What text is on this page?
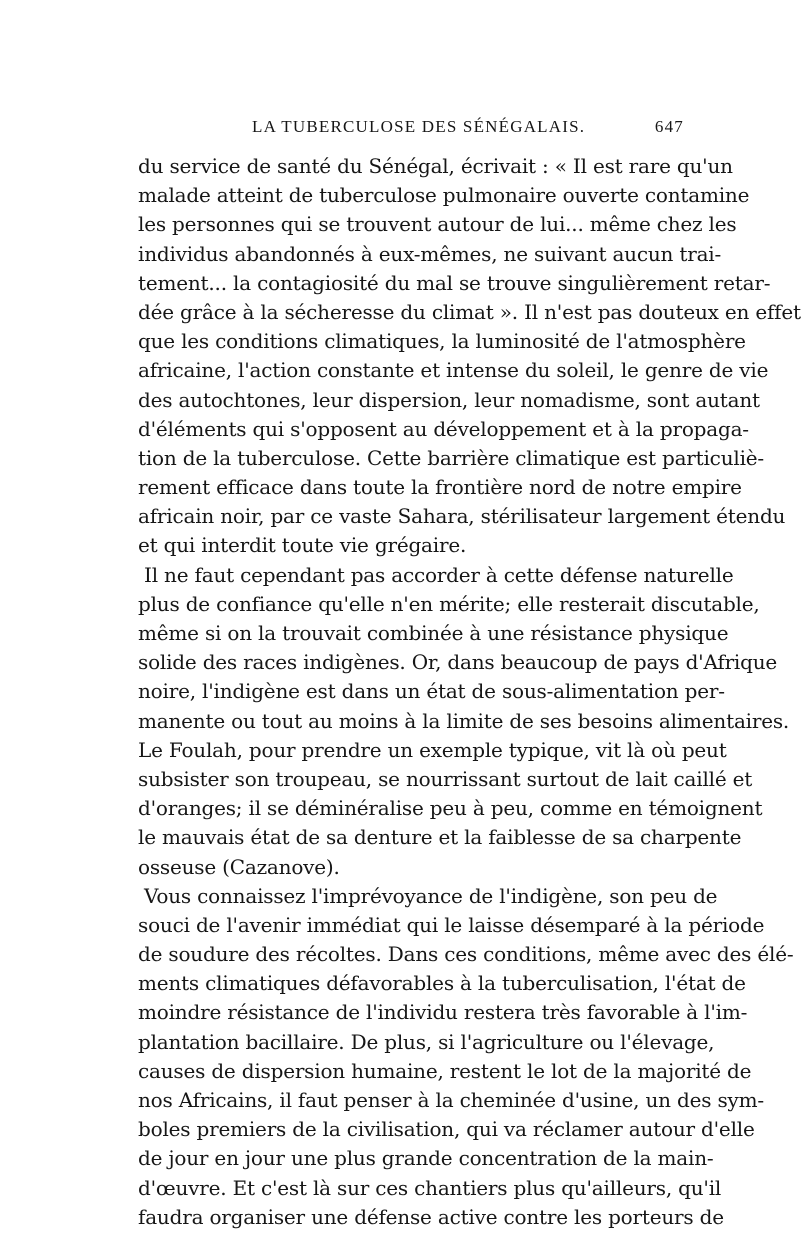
LA TUBERCULOSE DES SÉNÉGALAIS.	647
du service de santé du Sénégal, écrivait : « Il est rare qu'un
malade atteint de tuberculose pulmonaire ouverte contamine
les personnes qui se trouvent autour de lui... même chez les
individus abandonnés à eux-mêmes, ne suivant aucun trai-
tement... la contagiosité du mal se trouve singulièrement retar-
dée grâce à la sécheresse du climat ». Il n'est pas douteux en effet
que les conditions climatiques, la luminosité de l'atmosphère
africaine, l'action constante et intense du soleil, le genre de vie
des autochtones, leur dispersion, leur nomadisme, sont autant
d'éléments qui s'opposent au développement et à la propaga-
tion de la tuberculose. Cette barrière climatique est particuliè-
rement efficace dans toute la frontière nord de notre empire
africain noir, par ce vaste Sahara, stérilisateur largement étendu
et qui interdit toute vie grégaire.
Il ne faut cependant pas accorder à cette défense naturelle
plus de confiance qu'elle n'en mérite; elle resterait discutable,
même si on la trouvait combinée à une résistance physique
solide des races indigènes. Or, dans beaucoup de pays d'Afrique
noire, l'indigène est dans un état de sous-alimentation per-
manente ou tout au moins à la limite de ses besoins alimentaires.
Le Foulah, pour prendre un exemple typique, vit là où peut
subsister son troupeau, se nourrissant surtout de lait caillé et
d'oranges; il se déminéralise peu à peu, comme en témoignent
le mauvais état de sa denture et la faiblesse de sa charpente
osseuse (Cazanove).
Vous connaissez l'imprévoyance de l'indigène, son peu de
souci de l'avenir immédiat qui le laisse désemparé à la période
de soudure des récoltes. Dans ces conditions, même avec des élé-
ments climatiques défavorables à la tuberculisation, l'état de
moindre résistance de l'individu restera très favorable à l'im-
plantation bacillaire. De plus, si l'agriculture ou l'élevage,
causes de dispersion humaine, restent le lot de la majorité de
nos Africains, il faut penser à la cheminée d'usine, un des sym-
boles premiers de la civilisation, qui va réclamer autour d'elle
de jour en jour une plus grande concentration de la main-
d'œuvre. Et c'est là sur ces chantiers plus qu'ailleurs, qu'il
faudra organiser une défense active contre les porteurs de
